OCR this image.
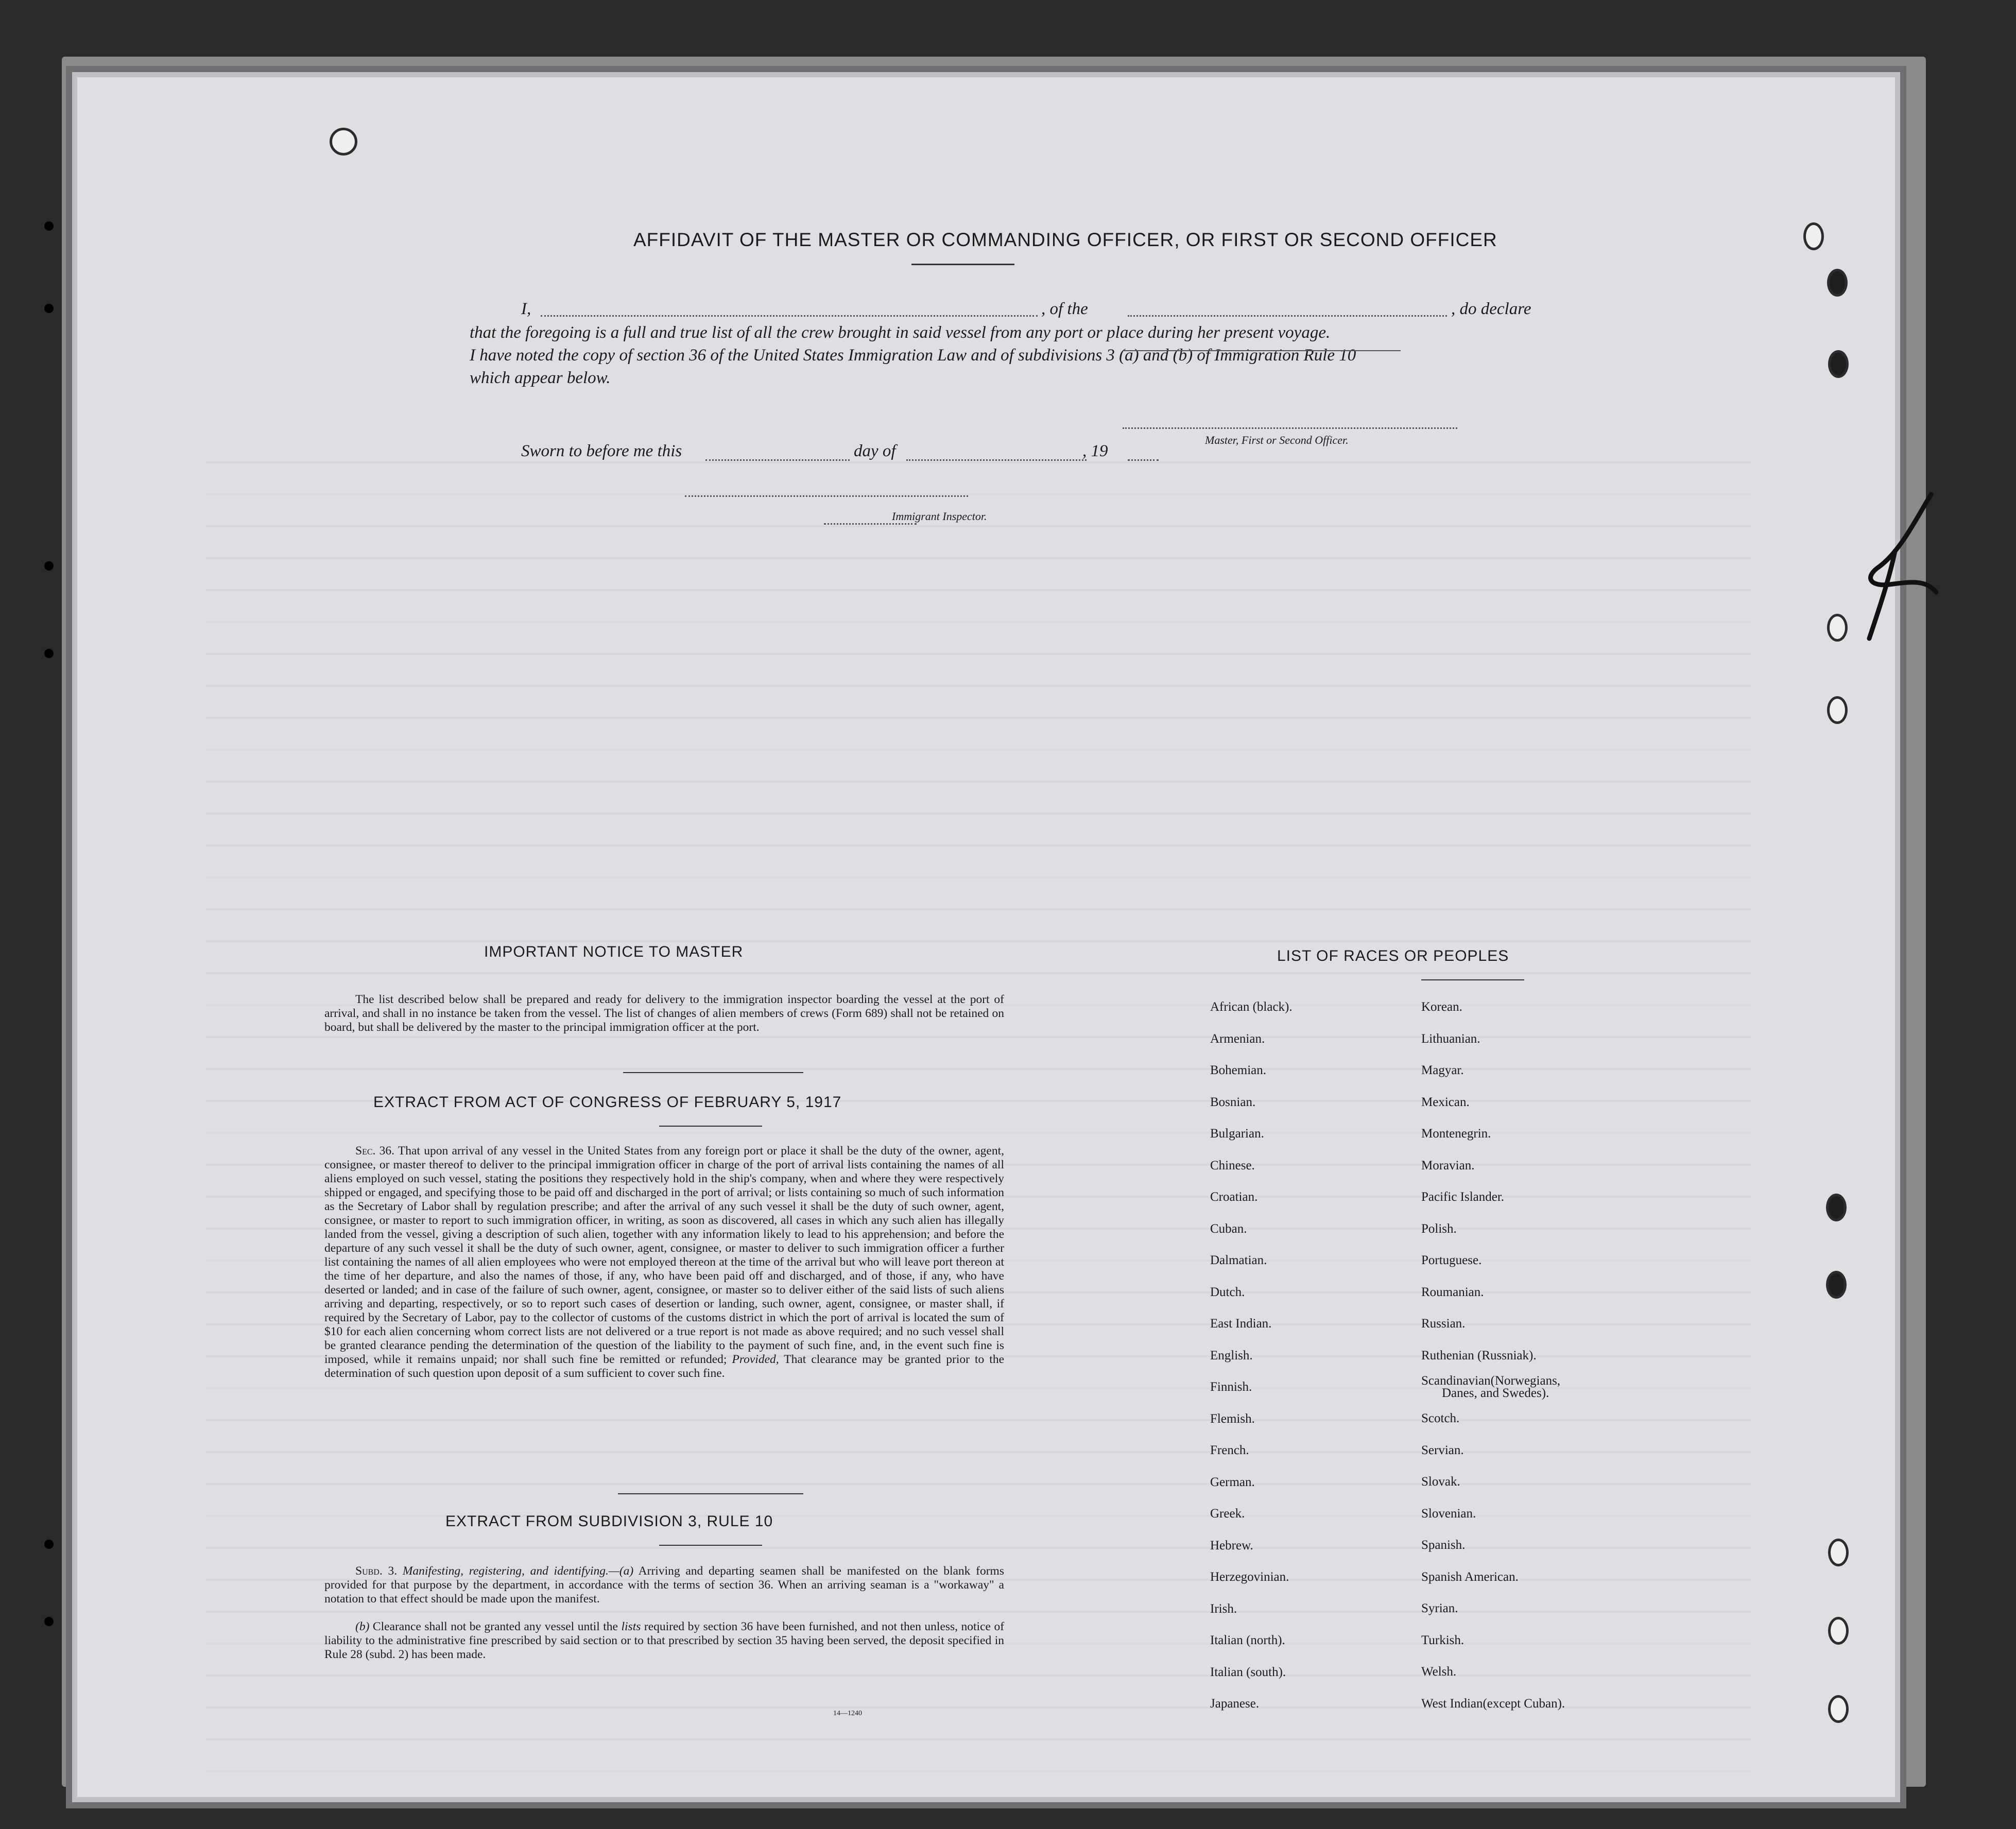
AFFIDAVIT OF THE MASTER OR COMMANDING OFFICER, OR FIRST OR SECOND OFFICER
I,	, of the	, do declare
that the foregoing is a full and true list of all the crew brought in said vessel from any port or place during her present voyage.
I have noted the copy of section 36 of the United States Immigration Law and of subdivisions 3 (a) and (b) of Immigration Rule 10
which appear below.
Master, First or Second Officer.
Sworn to before me this	day of	, 19
Immigrant Inspector.
IMPORTANT NOTICE TO MASTER

The list described below shall be prepared and ready for delivery to the immigration inspector boarding the vessel at the port of arrival, and shall in no instance be taken from the vessel. The list of changes of alien members of crews (Form 689) shall not be retained on board, but shall be delivered by the master to the principal immigration officer at the port.

EXTRACT FROM ACT OF CONGRESS OF FEBRUARY 5, 1917

Sec. 36. That upon arrival of any vessel in the United States from any foreign port or place it shall be the duty of the owner, agent, consignee, or master thereof to deliver to the principal immigration officer in charge of the port of arrival lists containing the names of all aliens employed on such vessel, stating the positions they respectively hold in the ship's company, when and where they were respectively shipped or engaged, and specifying those to be paid off and discharged in the port of arrival; or lists containing so much of such information as the Secretary of Labor shall by regulation prescribe; and after the arrival of any such vessel it shall be the duty of such owner, agent, consignee, or master to report to such immigration officer, in writing, as soon as discovered, all cases in which any such alien has illegally landed from the vessel, giving a description of such alien, together with any information likely to lead to his apprehension; and before the departure of any such vessel it shall be the duty of such owner, agent, consignee, or master to deliver to such immigration officer a further list containing the names of all alien employees who were not employed thereon at the time of the arrival but who will leave port thereon at the time of her departure, and also the names of those, if any, who have been paid off and discharged, and of those, if any, who have deserted or landed; and in case of the failure of such owner, agent, consignee, or master so to deliver either of the said lists of such aliens arriving and departing, respectively, or so to report such cases of desertion or landing, such owner, agent, consignee, or master shall, if required by the Secretary of Labor, pay to the collector of customs of the customs district in which the port of arrival is located the sum of $10 for each alien concerning whom correct lists are not delivered or a true report is not made as above required; and no such vessel shall be granted clearance pending the determination of the question of the liability to the payment of such fine, and, in the event such fine is imposed, while it remains unpaid; nor shall such fine be remitted or refunded; Provided, That clearance may be granted prior to the determination of such question upon deposit of a sum sufficient to cover such fine.

EXTRACT FROM SUBDIVISION 3, RULE 10

Subd. 3. Manifesting, registering, and identifying.—(a) Arriving and departing seamen shall be manifested on the blank forms provided for that purpose by the department, in accordance with the terms of section 36. When an arriving seaman is a "workaway" a notation to that effect should be made upon the manifest.

(b) Clearance shall not be granted any vessel until the lists required by section 36 have been furnished, and not then unless, notice of liability to the administrative fine prescribed by said section or to that prescribed by section 35 having been served, the deposit specified in Rule 28 (subd. 2) has been made.

14—1240
LIST OF RACES OR PEOPLES
African (black).
Armenian.
Bohemian.
Bosnian.
Bulgarian.
Chinese.
Croatian.
Cuban.
Dalmatian.
Dutch.
East Indian.
English.
Finnish.
Flemish.
French.
German.
Greek.
Hebrew.
Herzegovinian.
Irish.
Italian (north).
Italian (south).
Japanese.
Korean.
Lithuanian.
Magyar.
Mexican.
Montenegrin.
Moravian.
Pacific Islander.
Polish.
Portuguese.
Roumanian.
Russian.
Ruthenian (Russniak).
Scandinavian(Norwegians,
Danes, and Swedes).
Scotch.
Servian.
Slovak.
Slovenian.
Spanish.
Spanish American.
Syrian.
Turkish.
Welsh.
West Indian(except Cuban).
